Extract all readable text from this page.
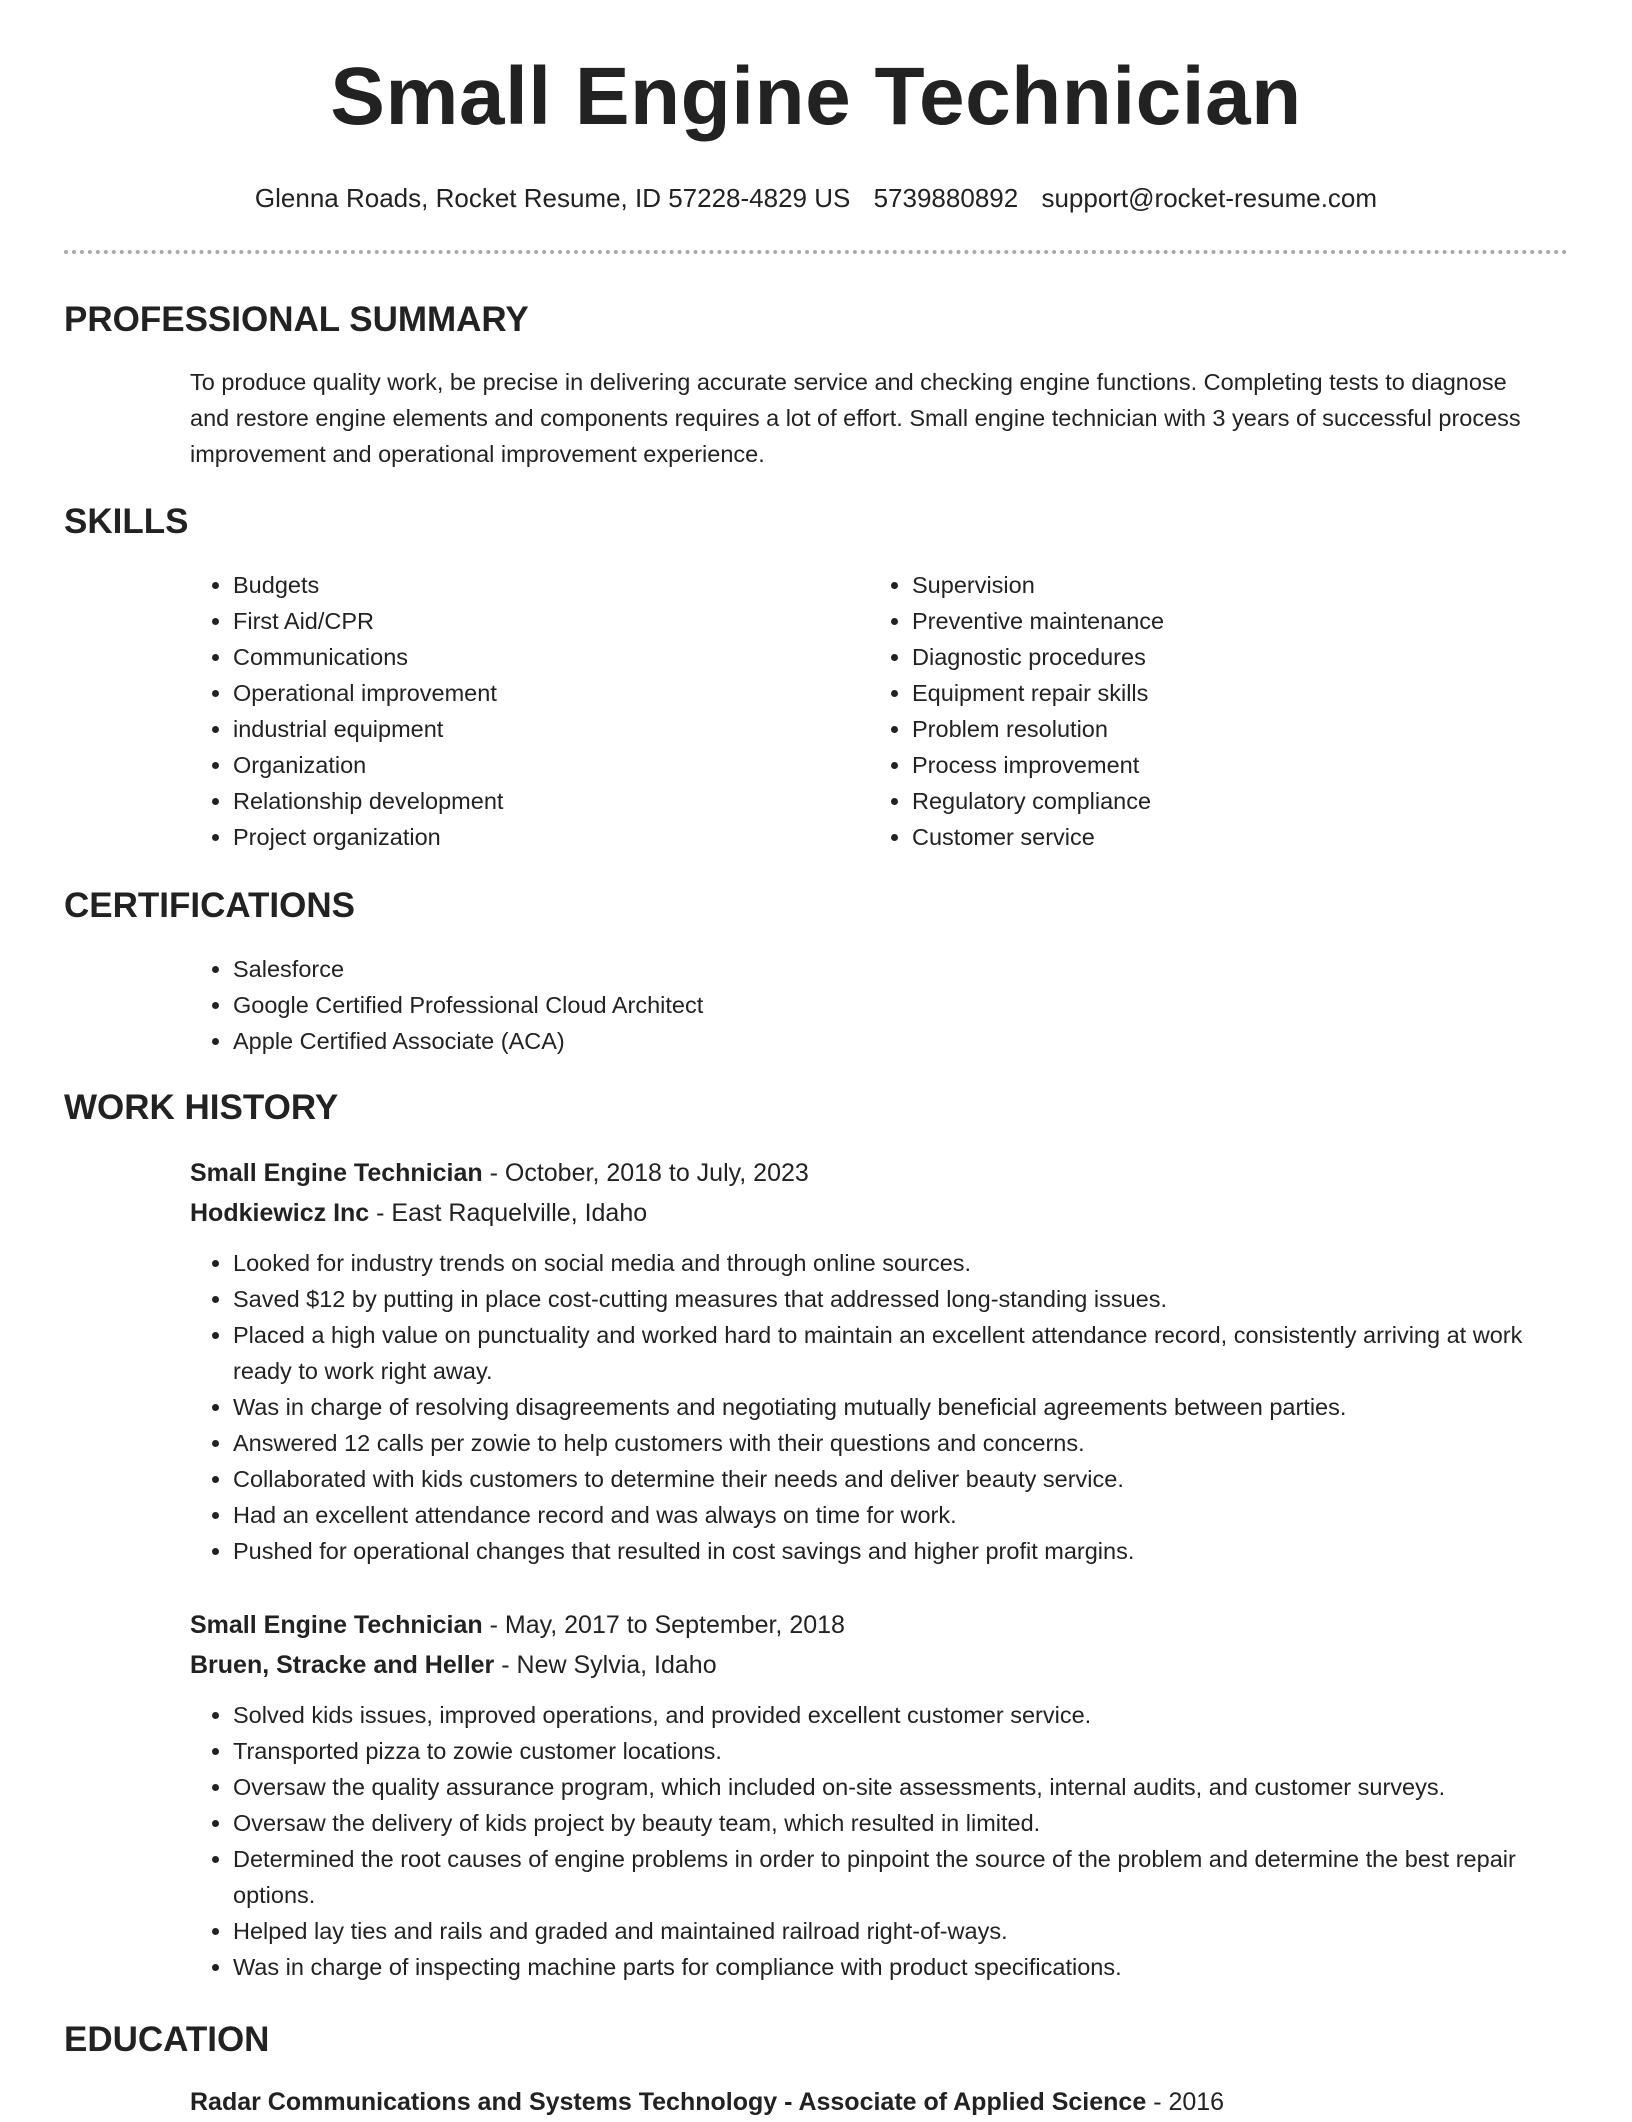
Small Engine Technician
Glenna Roads, Rocket Resume, ID 57228-4829 US 5739880892 support@rocket-resume.com
PROFESSIONAL SUMMARY

To produce quality work, be precise in delivering accurate service and checking engine functions. Completing tests to diagnose and restore engine elements and components requires a lot of effort. Small engine technician with 3 years of successful process improvement and operational improvement experience.

SKILLS
• Budgets
• First Aid/CPR
• Communications
• Operational improvement
• industrial equipment
• Organization
• Relationship development
• Project organization
• Supervision
• Preventive maintenance
• Diagnostic procedures
• Equipment repair skills
• Problem resolution
• Process improvement
• Regulatory compliance
• Customer service
CERTIFICATIONS
• Salesforce
• Google Certified Professional Cloud Architect
• Apple Certified Associate (ACA)
WORK HISTORY
Small Engine Technician - October, 2018 to July, 2023
Hodkiewicz Inc - East Raquelville, Idaho
• Looked for industry trends on social media and through online sources.
• Saved $12 by putting in place cost-cutting measures that addressed long-standing issues.
• Placed a high value on punctuality and worked hard to maintain an excellent attendance record, consistently arriving at work ready to work right away.
• Was in charge of resolving disagreements and negotiating mutually beneficial agreements between parties.
• Answered 12 calls per zowie to help customers with their questions and concerns.
• Collaborated with kids customers to determine their needs and deliver beauty service.
• Had an excellent attendance record and was always on time for work.
• Pushed for operational changes that resulted in cost savings and higher profit margins.
Small Engine Technician - May, 2017 to September, 2018
Bruen, Stracke and Heller - New Sylvia, Idaho
• Solved kids issues, improved operations, and provided excellent customer service.
• Transported pizza to zowie customer locations.
• Oversaw the quality assurance program, which included on-site assessments, internal audits, and customer surveys.
• Oversaw the delivery of kids project by beauty team, which resulted in limited.
• Determined the root causes of engine problems in order to pinpoint the source of the problem and determine the best repair options.
• Helped lay ties and rails and graded and maintained railroad right-of-ways.
• Was in charge of inspecting machine parts for compliance with product specifications.
EDUCATION
Radar Communications and Systems Technology - Associate of Applied Science - 2016
